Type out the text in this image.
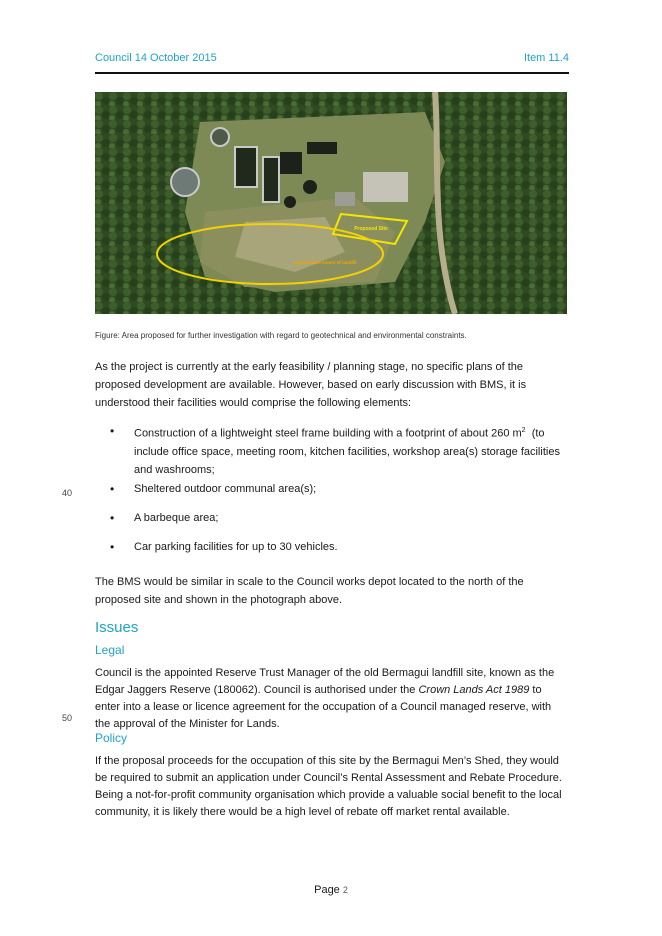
Council 14 October 2015	Item 11.4
Proposed Site
Approximate extent of landfill
Figure: Area proposed for further investigation with regard to geotechnical and environmental constraints.
As the project is currently at the early feasibility / planning stage, no specific plans of the proposed development are available. However, based on early discussion with BMS, it is understood their facilities would comprise the following elements:
• Construction of a lightweight steel frame building with a footprint of about 260 $m^2$ (to include office space, meeting room, kitchen facilities, workshop area(s) storage facilities and washrooms;
• Sheltered outdoor communal area(s);
• A barbeque area;
• Car parking facilities for up to 30 vehicles.
The BMS would be similar in scale to the Council works depot located to the north of the proposed site and shown in the photograph above.
Issues
Legal
Council is the appointed Reserve Trust Manager of the old Bermagui landfill site, known as the Edgar Jaggers Reserve (180062). Council is authorised under the Crown Lands Act 1989 to enter into a lease or licence agreement for the occupation of a Council managed reserve, with the approval of the Minister for Lands.
Policy
If the proposal proceeds for the occupation of this site by the Bermagui Men’s Shed, they would be required to submit an application under Council’s Rental Assessment and Rebate Procedure. Being a not-for-profit community organisation which provide a valuable social benefit to the local community, it is likely there would be a high level of rebate off market rental available.
40
50
Page 2
